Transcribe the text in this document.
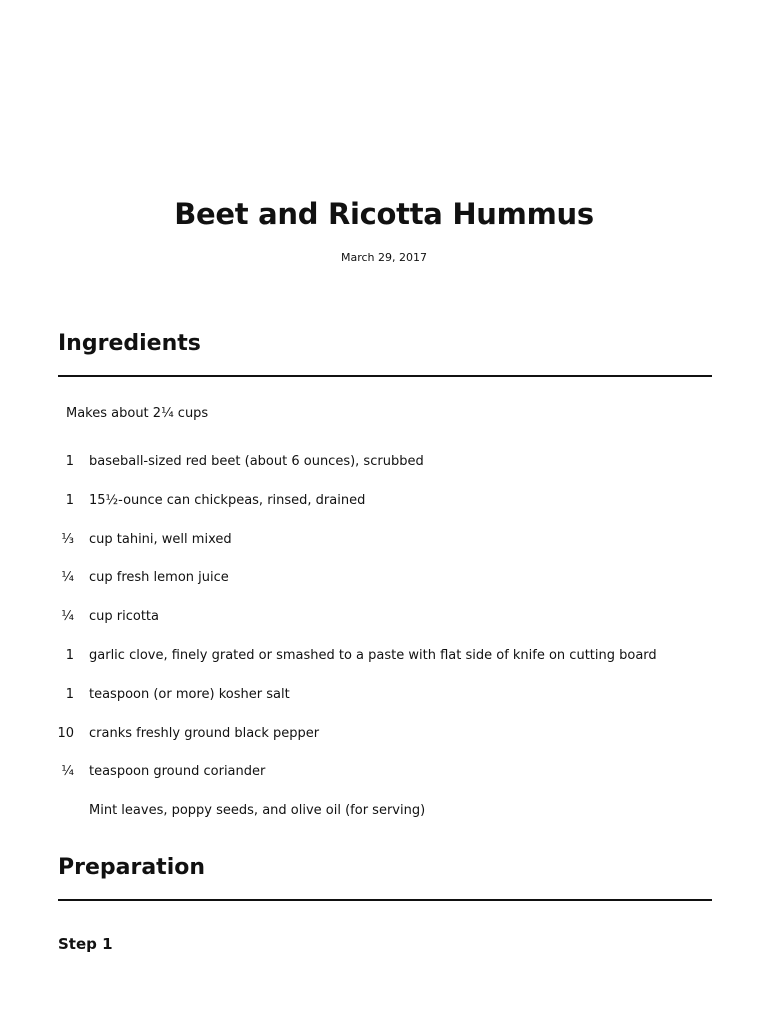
Beet and Ricotta Hummus
March 29, 2017
Ingredients
Makes about 2¼ cups
1 baseball-sized red beet (about 6 ounces), scrubbed
1 15½-ounce can chickpeas, rinsed, drained
⅓ cup tahini, well mixed
¼ cup fresh lemon juice
¼ cup ricotta
1 garlic clove, finely grated or smashed to a paste with flat side of knife on cutting board
1 teaspoon (or more) kosher salt
10 cranks freshly ground black pepper
¼ teaspoon ground coriander
Mint leaves, poppy seeds, and olive oil (for serving)
Preparation
Step 1
